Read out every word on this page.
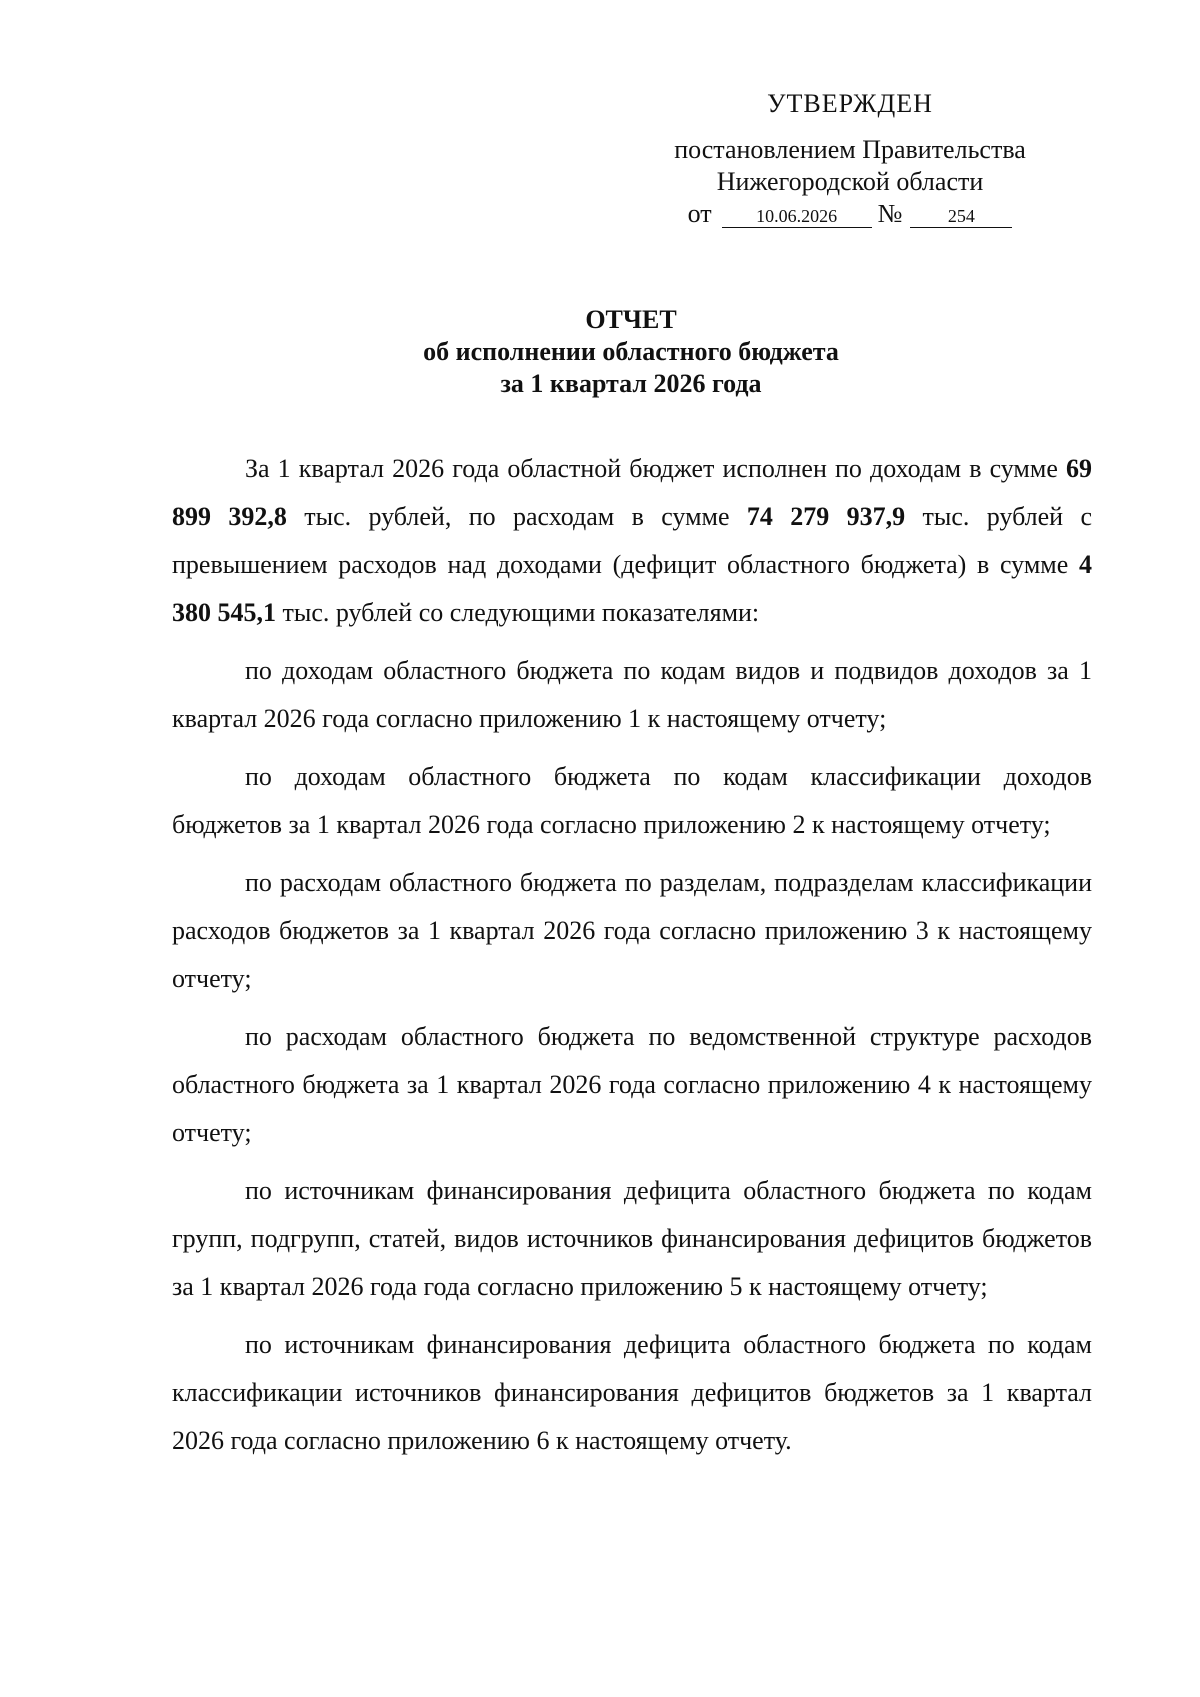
УТВЕРЖДЕН
постановлением Правительства
Нижегородской области
от	10.06.2026	№	254
ОТЧЕТ
об исполнении областного бюджета
за 1 квартал 2026 года

За 1 квартал 2026 года областной бюджет исполнен по доходам в сумме 69 899 392,8 тыс. рублей, по расходам в сумме 74 279 937,9 тыс. рублей с превышением расходов над доходами (дефицит областного бюджета) в сумме 4 380 545,1 тыс. рублей со следующими показателями:

по доходам областного бюджета по кодам видов и подвидов доходов за 1 квартал 2026 года согласно приложению 1 к настоящему отчету;

по доходам областного бюджета по кодам классификации доходов бюджетов за 1 квартал 2026 года согласно приложению 2 к настоящему отчету;

по расходам областного бюджета по разделам, подразделам классификации расходов бюджетов за 1 квартал 2026 года согласно приложению 3 к настоящему отчету;

по расходам областного бюджета по ведомственной структуре расходов областного бюджета за 1 квартал 2026 года согласно приложению 4 к настоящему отчету;

по источникам финансирования дефицита областного бюджета по кодам групп, подгрупп, статей, видов источников финансирования дефицитов бюджетов за 1 квартал 2026 года года согласно приложению 5 к настоящему отчету;

по источникам финансирования дефицита областного бюджета по кодам классификации источников финансирования дефицитов бюджетов за 1 квартал 2026 года согласно приложению 6 к настоящему отчету.
